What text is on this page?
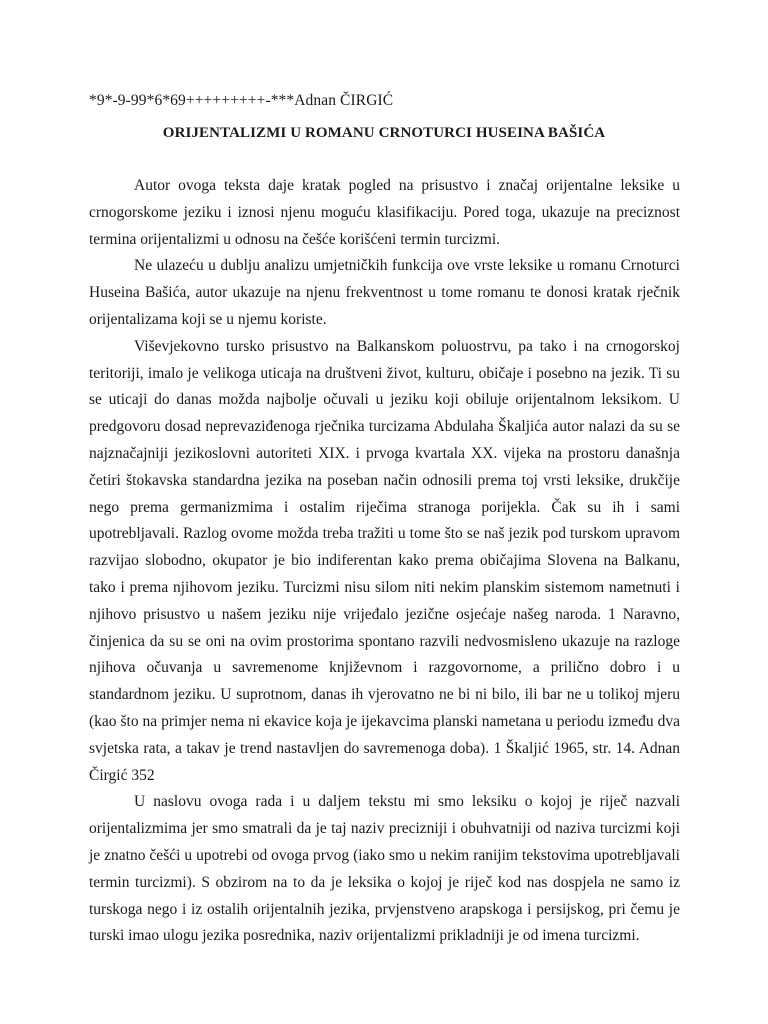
*9*-9-99*6*69+++++++++-***Adnan ČIRGIĆ
ORIJENTALIZMI U ROMANU CRNOTURCI HUSEINA BAŠIĆA

Autor ovoga teksta daje kratak pogled na prisustvo i značaj orijentalne leksike u crnogorskome jeziku i iznosi njenu moguću klasifikaciju. Pored toga, ukazuje na preciznost termina orijentalizmi u odnosu na češće korišćeni termin turcizmi.

Ne ulazeću u dublju analizu umjetničkih funkcija ove vrste leksike u romanu Crnoturci Huseina Bašića, autor ukazuje na njenu frekventnost u tome romanu te donosi kratak rječnik orijentalizama koji se u njemu koriste.

Viševjekovno tursko prisustvo na Balkanskom poluostrvu, pa tako i na crnogorskoj teritoriji, imalo je velikoga uticaja na društveni život, kulturu, običaje i posebno na jezik. Ti su se uticaji do danas možda najbolje očuvali u jeziku koji obiluje orijentalnom leksikom. U predgovoru dosad neprevaziđenoga rječnika turcizama Abdulaha Škaljića autor nalazi da su se najznačajniji jezikoslovni autoriteti XIX. i prvoga kvartala XX. vijeka na prostoru današnja četiri štokavska standardna jezika na poseban način odnosili prema toj vrsti leksike, drukčije nego prema germanizmima i ostalim riječima stranoga porijekla. Čak su ih i sami upotrebljavali. Razlog ovome možda treba tražiti u tome što se naš jezik pod turskom upravom razvijao slobodno, okupator je bio indiferentan kako prema običajima Slovena na Balkanu, tako i prema njihovom jeziku. Turcizmi nisu silom niti nekim planskim sistemom nametnuti i njihovo prisustvo u našem jeziku nije vrijeđalo jezične osjećaje našeg naroda. 1 Naravno, činjenica da su se oni na ovim prostorima spontano razvili nedvosmisleno ukazuje na razloge njihova očuvanja u savremenome književnom i razgovornome, a prilično dobro i u standardnom jeziku. U suprotnom, danas ih vjerovatno ne bi ni bilo, ili bar ne u tolikoj mjeru (kao što na primjer nema ni ekavice koja je ijekavcima planski nametana u periodu između dva svjetska rata, a takav je trend nastavljen do savremenoga doba). 1 Škaljić 1965, str. 14. Adnan Čirgić 352

U naslovu ovoga rada i u daljem tekstu mi smo leksiku o kojoj je riječ nazvali orijentalizmima jer smo smatrali da je taj naziv precizniji i obuhvatniji od naziva turcizmi koji je znatno češći u upotrebi od ovoga prvog (iako smo u nekim ranijim tekstovima upotrebljavali termin turcizmi). S obzirom na to da je leksika o kojoj je riječ kod nas dospjela ne samo iz turskoga nego i iz ostalih orijentalnih jezika, prvjenstveno arapskoga i persijskog, pri čemu je turski imao ulogu jezika posrednika, naziv orijentalizmi prikladniji je od imena turcizmi.
